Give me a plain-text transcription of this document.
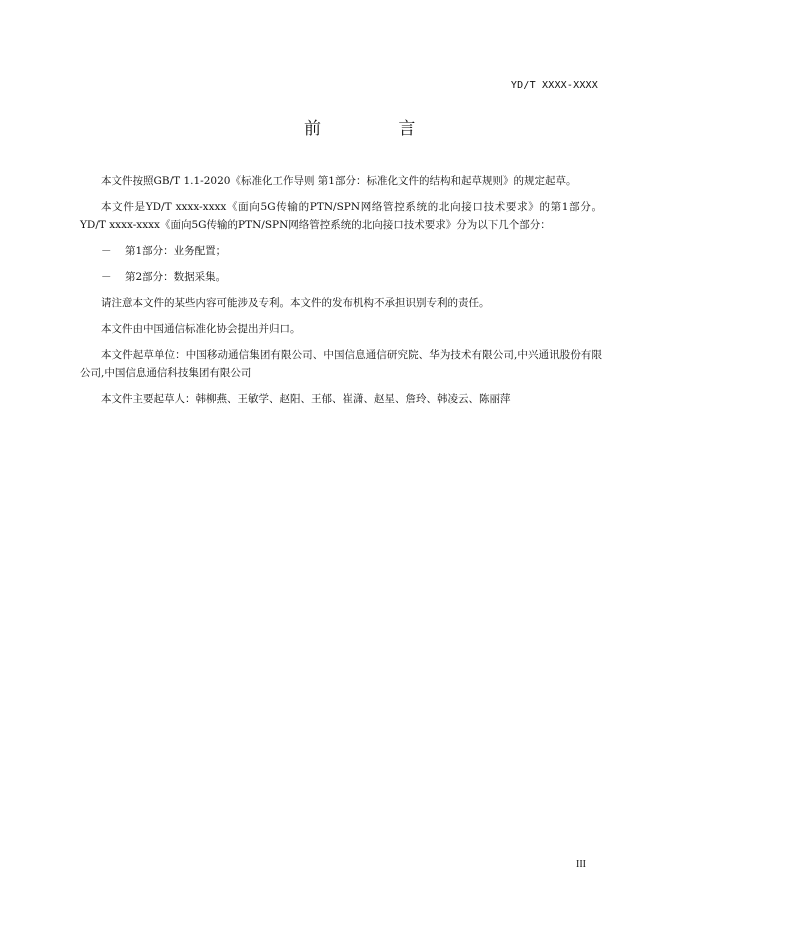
YD/T XXXX-XXXX
前 言

本文件按照GB/T 1.1-2020《标准化工作导则 第1部分：标准化文件的结构和起草规则》的规定起草。

本文件是YD/T xxxx-xxxx《面向5G传输的PTN/SPN网络管控系统的北向接口技术要求》的第1部分。 YD/T xxxx-xxxx《面向5G传输的PTN/SPN网络管控系统的北向接口技术要求》分为以下几个部分：

－ 第1部分：业务配置；
－ 第2部分：数据采集。

请注意本文件的某些内容可能涉及专利。本文件的发布机构不承担识别专利的责任。

本文件由中国通信标准化协会提出并归口。

本文件起草单位：中国移动通信集团有限公司、中国信息通信研究院、华为技术有限公司,中兴通讯股份有限公司,中国信息通信科技集团有限公司

本文件主要起草人：韩柳燕、王敏学、赵阳、王郁、崔潇、赵星、詹玲、韩凌云、陈丽萍

III
